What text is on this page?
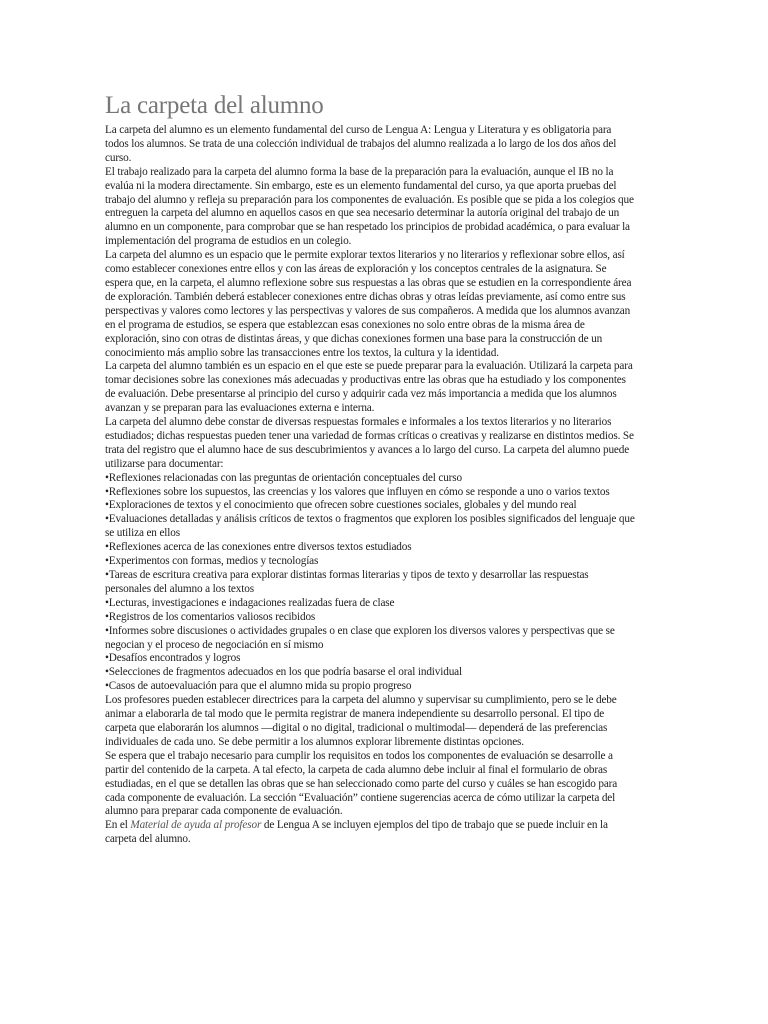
La carpeta del alumno

La carpeta del alumno es un elemento fundamental del curso de Lengua A: Lengua y Literatura y es obligatoria para todos los alumnos. Se trata de una colección individual de trabajos del alumno realizada a lo largo de los dos años del curso.

El trabajo realizado para la carpeta del alumno forma la base de la preparación para la evaluación, aunque el IB no la evalúa ni la modera directamente. Sin embargo, este es un elemento fundamental del curso, ya que aporta pruebas del trabajo del alumno y refleja su preparación para los componentes de evaluación. Es posible que se pida a los colegios que entreguen la carpeta del alumno en aquellos casos en que sea necesario determinar la autoría original del trabajo de un alumno en un componente, para comprobar que se han respetado los principios de probidad académica, o para evaluar la implementación del programa de estudios en un colegio.

La carpeta del alumno es un espacio que le permite explorar textos literarios y no literarios y reflexionar sobre ellos, así como establecer conexiones entre ellos y con las áreas de exploración y los conceptos centrales de la asignatura. Se espera que, en la carpeta, el alumno reflexione sobre sus respuestas a las obras que se estudien en la correspondiente área de exploración. También deberá establecer conexiones entre dichas obras y otras leídas previamente, así como entre sus perspectivas y valores como lectores y las perspectivas y valores de sus compañeros. A medida que los alumnos avanzan en el programa de estudios, se espera que establezcan esas conexiones no solo entre obras de la misma área de exploración, sino con otras de distintas áreas, y que dichas conexiones formen una base para la construcción de un conocimiento más amplio sobre las transacciones entre los textos, la cultura y la identidad.

La carpeta del alumno también es un espacio en el que este se puede preparar para la evaluación. Utilizará la carpeta para tomar decisiones sobre las conexiones más adecuadas y productivas entre las obras que ha estudiado y los componentes de evaluación. Debe presentarse al principio del curso y adquirir cada vez más importancia a medida que los alumnos avanzan y se preparan para las evaluaciones externa e interna.

La carpeta del alumno debe constar de diversas respuestas formales e informales a los textos literarios y no literarios estudiados; dichas respuestas pueden tener una variedad de formas críticas o creativas y realizarse en distintos medios. Se trata del registro que el alumno hace de sus descubrimientos y avances a lo largo del curso. La carpeta del alumno puede utilizarse para documentar:

• Reflexiones relacionadas con las preguntas de orientación conceptuales del curso
• Reflexiones sobre los supuestos, las creencias y los valores que influyen en cómo se responde a uno o varios textos
• Exploraciones de textos y el conocimiento que ofrecen sobre cuestiones sociales, globales y del mundo real
• Evaluaciones detalladas y análisis críticos de textos o fragmentos que exploren los posibles significados del lenguaje que se utiliza en ellos
• Reflexiones acerca de las conexiones entre diversos textos estudiados
• Experimentos con formas, medios y tecnologías
• Tareas de escritura creativa para explorar distintas formas literarias y tipos de texto y desarrollar las respuestas personales del alumno a los textos
• Lecturas, investigaciones e indagaciones realizadas fuera de clase
• Registros de los comentarios valiosos recibidos
• Informes sobre discusiones o actividades grupales o en clase que exploren los diversos valores y perspectivas que se negocian y el proceso de negociación en sí mismo
• Desafíos encontrados y logros
• Selecciones de fragmentos adecuados en los que podría basarse el oral individual
• Casos de autoevaluación para que el alumno mida su propio progreso

Los profesores pueden establecer directrices para la carpeta del alumno y supervisar su cumplimiento, pero se le debe animar a elaborarla de tal modo que le permita registrar de manera independiente su desarrollo personal. El tipo de carpeta que elaborarán los alumnos —digital o no digital, tradicional o multimodal— dependerá de las preferencias individuales de cada uno. Se debe permitir a los alumnos explorar libremente distintas opciones.

Se espera que el trabajo necesario para cumplir los requisitos en todos los componentes de evaluación se desarrolle a partir del contenido de la carpeta. A tal efecto, la carpeta de cada alumno debe incluir al final el formulario de obras estudiadas, en el que se detallen las obras que se han seleccionado como parte del curso y cuáles se han escogido para cada componente de evaluación. La sección “Evaluación” contiene sugerencias acerca de cómo utilizar la carpeta del alumno para preparar cada componente de evaluación.

En el Material de ayuda al profesor de Lengua A se incluyen ejemplos del tipo de trabajo que se puede incluir en la carpeta del alumno.
